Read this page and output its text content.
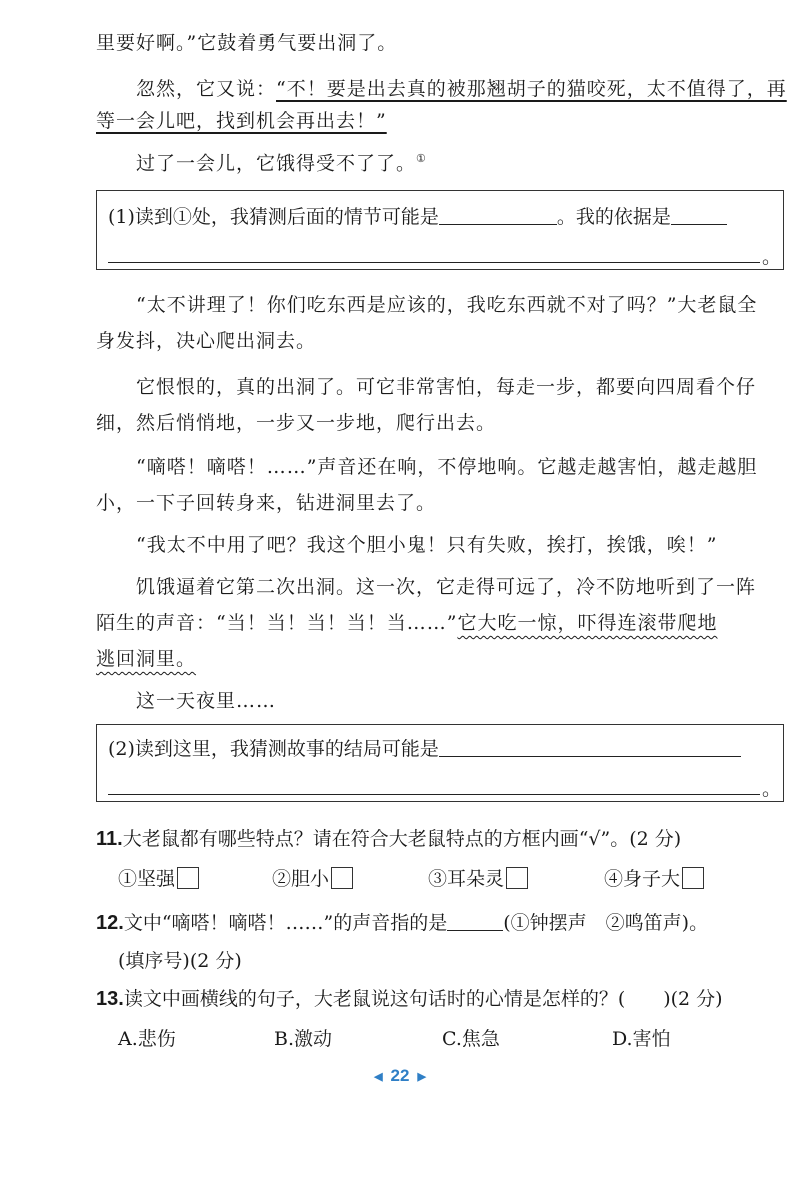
里要好啊。”它鼓着勇气要出洞了。
忽然，它又说：“不！要是出去真的被那翘胡子的猫咬死，太不值得了，再
等一会儿吧，找到机会再出去！”
过了一会儿，它饿得受不了了。①
(1)读到①处，我猜测后面的情节可能是	。我的依据是
。
“太不讲理了！你们吃东西是应该的，我吃东西就不对了吗？”大老鼠全
身发抖，决心爬出洞去。
它恨恨的，真的出洞了。可它非常害怕，每走一步，都要向四周看个仔
细，然后悄悄地，一步又一步地，爬行出去。
“嘀嗒！嘀嗒！……”声音还在响，不停地响。它越走越害怕，越走越胆
小，一下子回转身来，钻进洞里去了。
“我太不中用了吧？我这个胆小鬼！只有失败，挨打，挨饿，唉！”
饥饿逼着它第二次出洞。这一次，它走得可远了，冷不防地听到了一阵
陌生的声音：“当！当！当！当！当……”它大吃一惊，吓得连滚带爬地
逃回洞里。
这一天夜里……
(2)读到这里，我猜测故事的结局可能是
。
11.大老鼠都有哪些特点？请在符合大老鼠特点的方框内画“√”。(2 分)
①坚强	②胆小	③耳朵灵	④身子大
12.文中“嘀嗒！嘀嗒！……”的声音指的是	(①钟摆声　②鸣笛声)。
(填序号)(2 分)
13.读文中画横线的句子，大老鼠说这句话时的心情是怎样的？(　　)(2 分)
A.悲伤	B.激动	C.焦急	D.害怕
◀ 22 ▶
